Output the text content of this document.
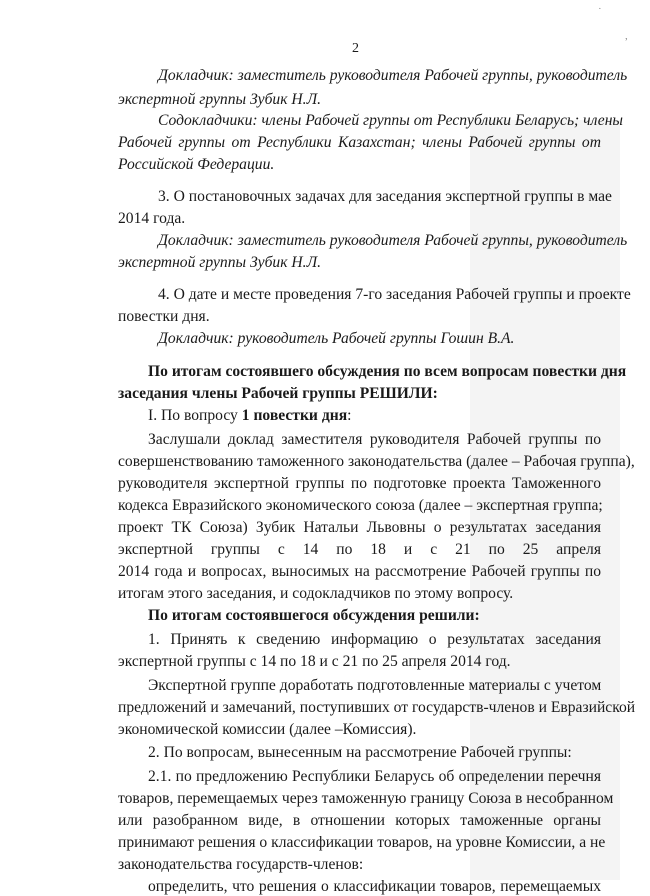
˙
,
2
Докладчик: заместитель руководителя Рабочей группы, руководитель
экспертной группы Зубик Н.Л.
Содокладчики: члены Рабочей группы от Республики Беларусь; члены
Рабочей группы от Республики Казахстан; члены Рабочей группы от
Российской Федерации.
3. О постановочных задачах для заседания экспертной группы в мае
2014 года.
Докладчик: заместитель руководителя Рабочей группы, руководитель
экспертной группы Зубик Н.Л.
4. О дате и месте проведения 7-го заседания Рабочей группы и проекте
повестки дня.
Докладчик: руководитель Рабочей группы Гошин В.А.
По итогам состоявшего обсуждения по всем вопросам повестки дня
заседания члены Рабочей группы РЕШИЛИ:
I. По вопросу 1 повестки дня:
Заслушали доклад заместителя руководителя Рабочей группы по
совершенствованию таможенного законодательства (далее – Рабочая группа),
руководителя экспертной группы по подготовке проекта Таможенного
кодекса Евразийского экономического союза (далее – экспертная группа;
проект ТК Союза) Зубик Натальи Львовны о результатах заседания
экспертной группы с 14 по 18 и с 21 по 25 апреля
2014 года и вопросах, выносимых на рассмотрение Рабочей группы по
итогам этого заседания, и содокладчиков по этому вопросу.
По итогам состоявшегося обсуждения решили:
1. Принять к сведению информацию о результатах заседания
экспертной группы с 14 по 18 и с 21 по 25 апреля 2014 год.
Экспертной группе доработать подготовленные материалы с учетом
предложений и замечаний, поступивших от государств-членов и Евразийской
экономической комиссии (далее –Комиссия).
2. По вопросам, вынесенным на рассмотрение Рабочей группы:
2.1. по предложению Республики Беларусь об определении перечня
товаров, перемещаемых через таможенную границу Союза в несобранном
или разобранном виде, в отношении которых таможенные органы
принимают решения о классификации товаров, на уровне Комиссии, а не
законодательства государств-членов:
определить, что решения о классификации товаров, перемещаемых
